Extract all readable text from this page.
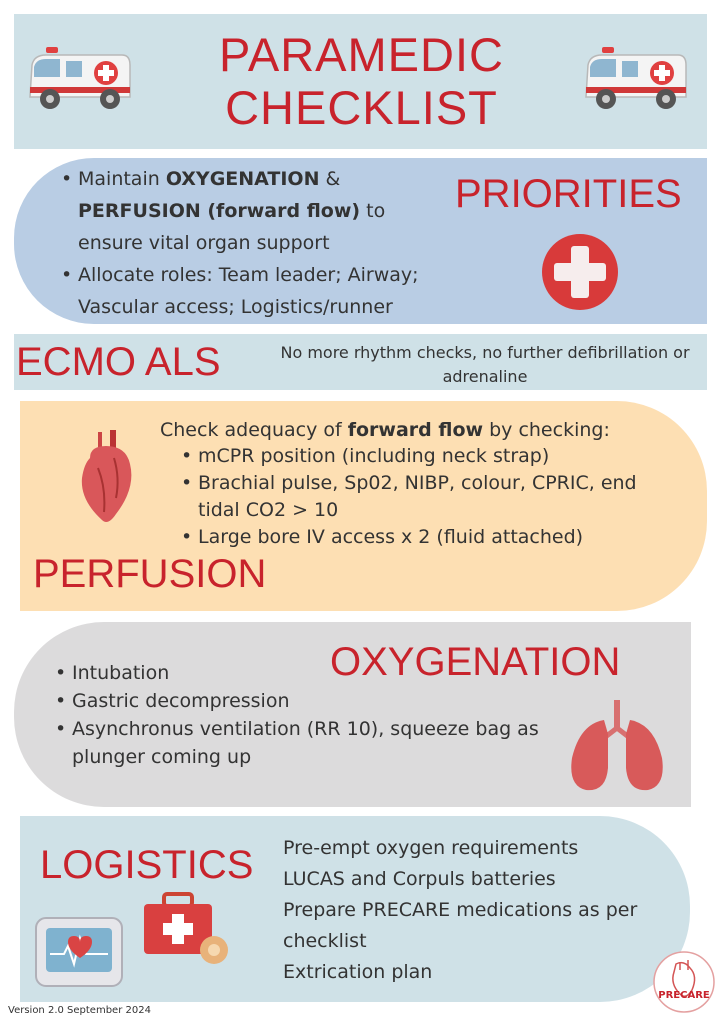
PARAMEDIC
CHECKLIST
• Maintain OXYGENATION & PERFUSION (forward flow) to ensure vital organ support
• Allocate roles: Team leader; Airway; Vascular access; Logistics/runner
PRIORITIES
ECMO ALS	No more rhythm checks, no further defibrillation or adrenaline
Check adequacy of forward flow by checking:
• mCPR position (including neck strap)
• Brachial pulse, Sp02, NIBP, colour, CPRIC, end tidal CO2 > 10
• Large bore IV access x 2 (fluid attached)
PERFUSION
OXYGENATION
• Intubation
• Gastric decompression
• Asynchronus ventilation (RR 10), squeeze bag as plunger coming up
LOGISTICS Pre-empt oxygen requirements
LUCAS and Corpuls batteries
Prepare PRECARE medications as per checklist
Extrication plan
PRECARE
Version 2.0 September 2024
